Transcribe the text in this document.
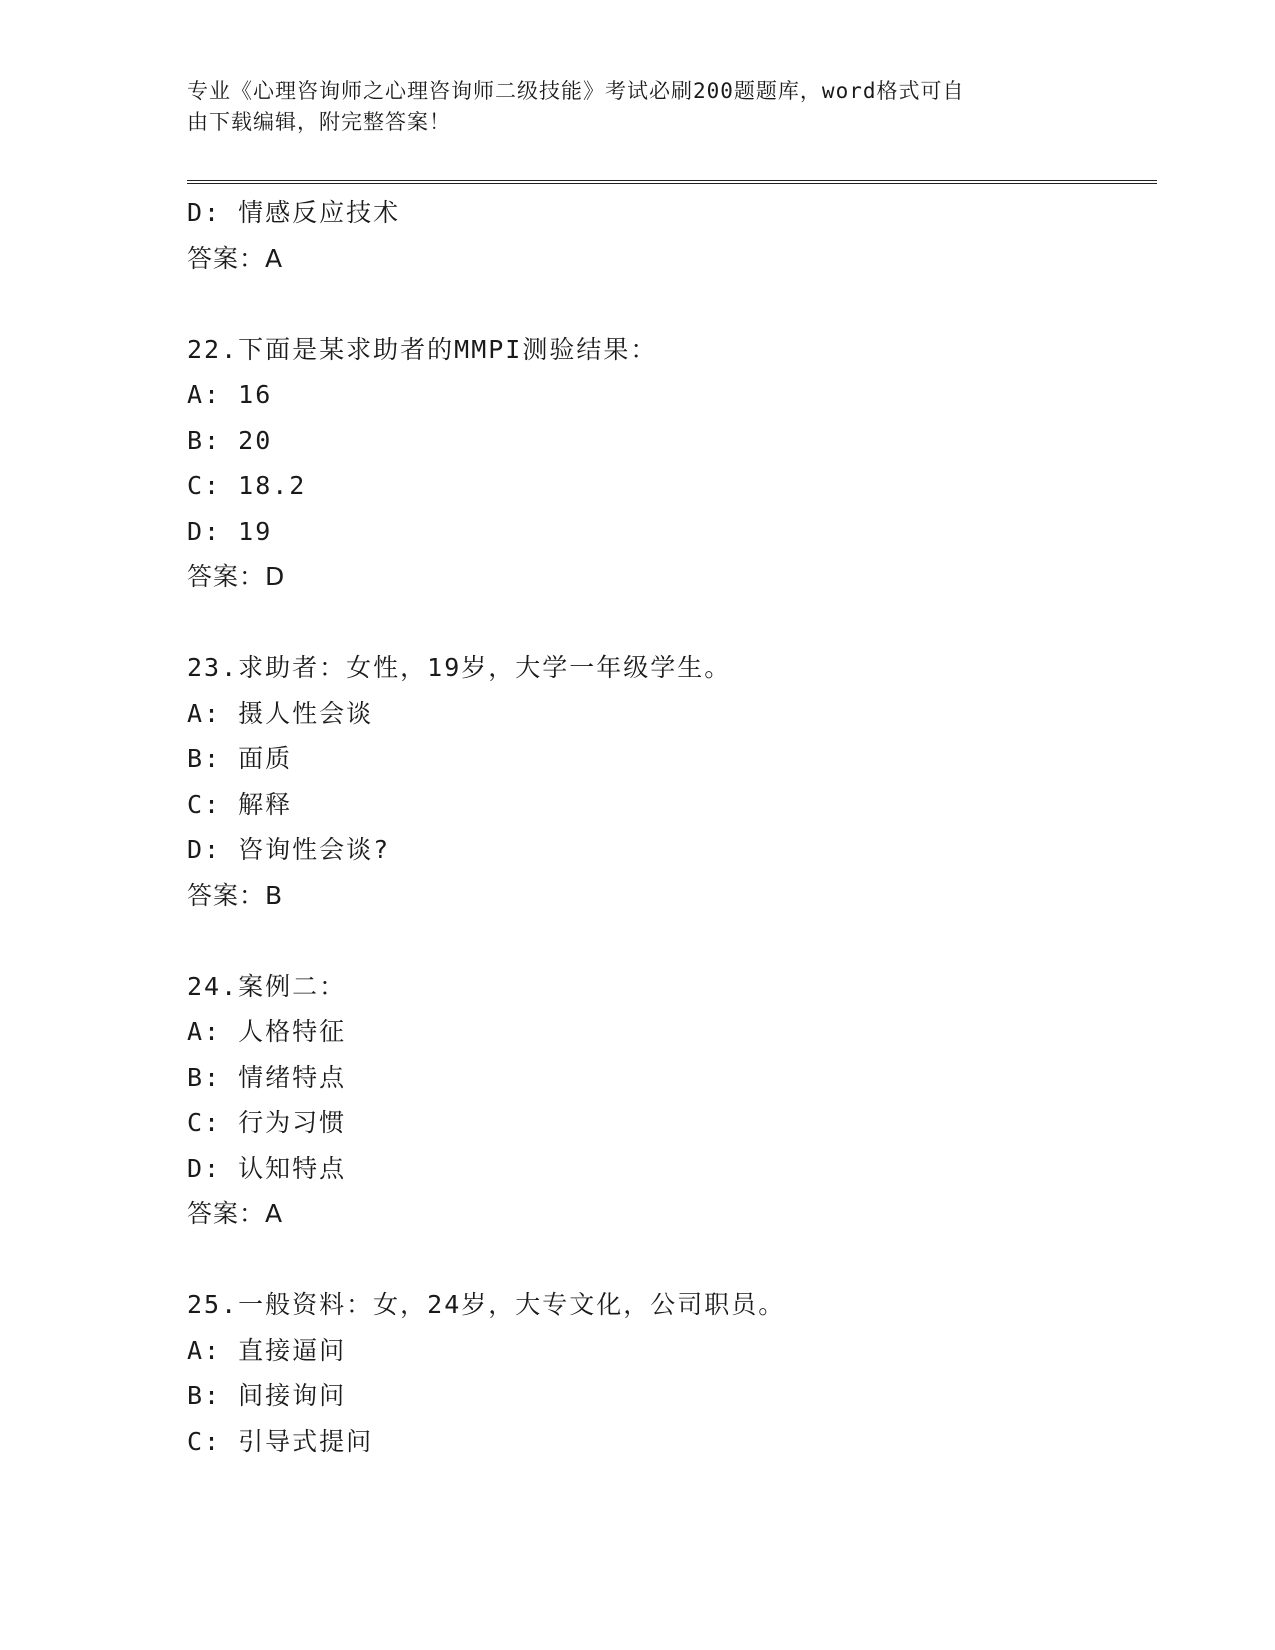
专业《心理咨询师之心理咨询师二级技能》考试必刷200题题库，word格式可自
由下载编辑，附完整答案！
D: 情感反应技术
答案：A
22.下面是某求助者的MMPI测验结果：
A: 16
B: 20
C: 18.2
D: 19
答案：D
23.求助者：女性，19岁，大学一年级学生。
A: 摄人性会谈
B: 面质
C: 解释
D: 咨询性会谈?
答案：B
24.案例二：
A: 人格特征
B: 情绪特点
C: 行为习惯
D: 认知特点
答案：A
25.一般资料：女，24岁，大专文化，公司职员。
A: 直接逼问
B: 间接询问
C: 引导式提问
